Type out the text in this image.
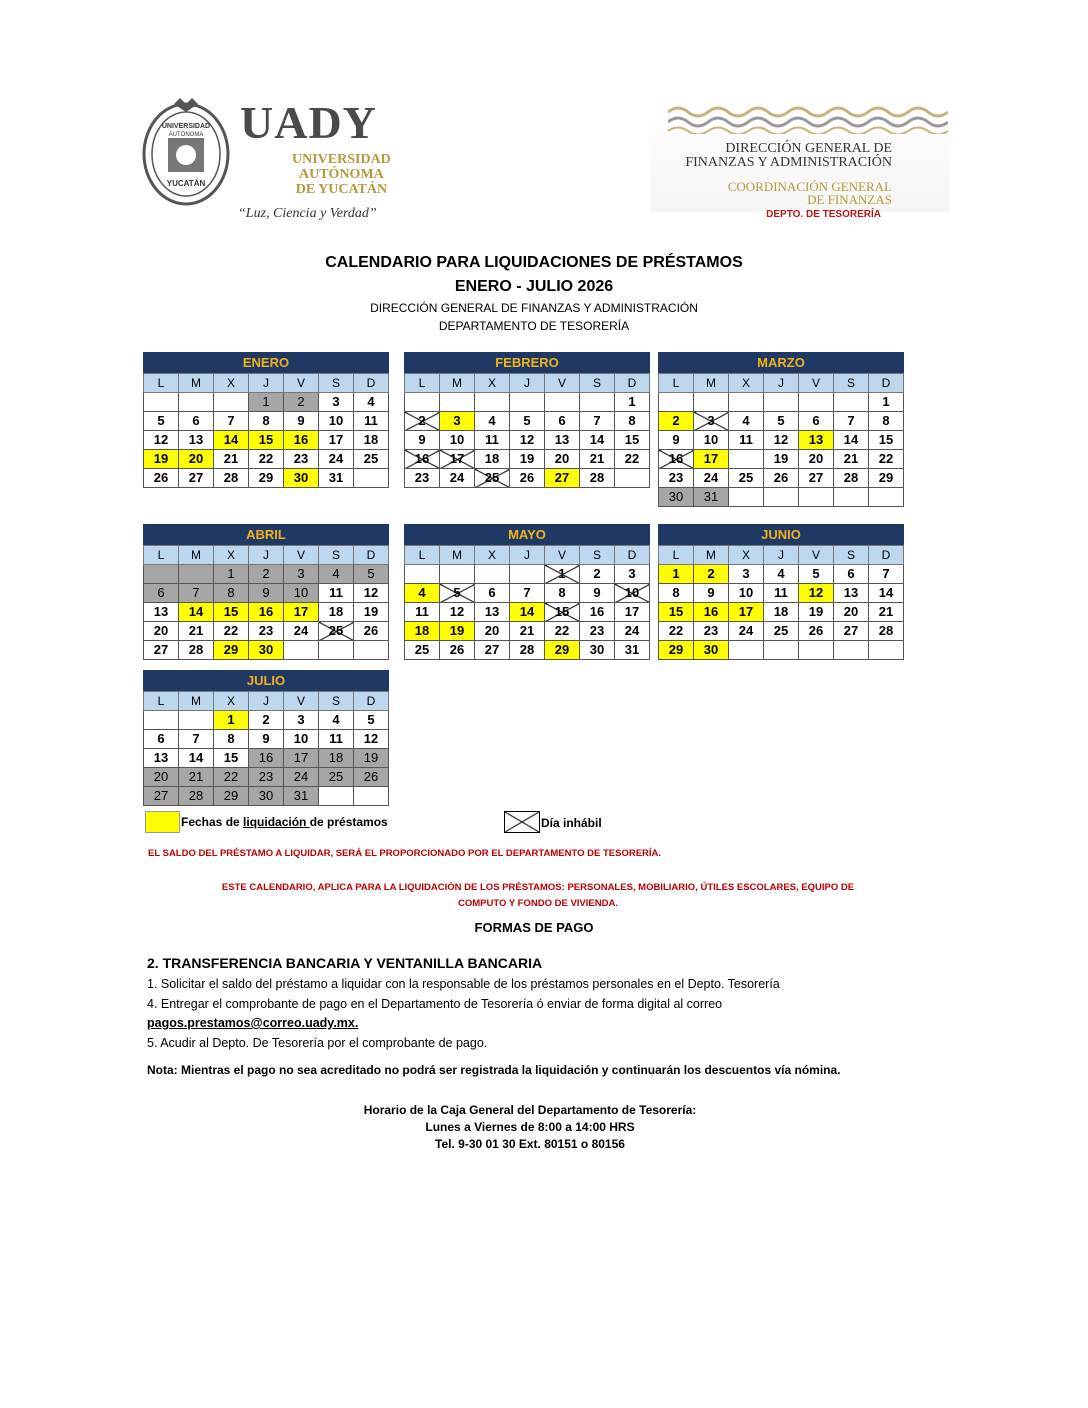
UNIVERSIDAD
AUTÓNOMA
YUCATÁN
UADY
UNIVERSIDAD
AUTÓNOMA
DE YUCATÁN
“Luz, Ciencia y Verdad”
DIRECCIÓN GENERAL DE
FINANZAS Y ADMINISTRACIÓN
COORDINACIÓN GENERAL
DE FINANZAS
DEPTO. DE TESORERÍA
CALENDARIO PARA LIQUIDACIONES DE PRÉSTAMOS
ENERO - JULIO 2026
DIRECCIÓN GENERAL DE FINANZAS Y ADMINISTRACIÓN
DEPARTAMENTO DE TESORERÍA
ENERO
L	M	X	J	V	S	D
			1	2	3	4
5	6	7	8	9	10	11
12	13	14	15	16	17	18
19	20	21	22	23	24	25
26	27	28	29	30	31	
FEBRERO
L	M	X	J	V	S	D
						1
2	3	4	5	6	7	8
9	10	11	12	13	14	15
16	17	18	19	20	21	22
23	24	25	26	27	28	
MARZO
L	M	X	J	V	S	D
						1
2	3	4	5	6	7	8
9	10	11	12	13	14	15
16	17		19	20	21	22
23	24	25	26	27	28	29
30	31					
ABRIL
L	M	X	J	V	S	D
		1	2	3	4	5
6	7	8	9	10	11	12
13	14	15	16	17	18	19
20	21	22	23	24	25	26
27	28	29	30			
MAYO
L	M	X	J	V	S	D
				1	2	3
4	5	6	7	8	9	10
11	12	13	14	15	16	17
18	19	20	21	22	23	24
25	26	27	28	29	30	31
JUNIO
L	M	X	J	V	S	D
1	2	3	4	5	6	7
8	9	10	11	12	13	14
15	16	17	18	19	20	21
22	23	24	25	26	27	28
29	30					
JULIO
L	M	X	J	V	S	D
		1	2	3	4	5
6	7	8	9	10	11	12
13	14	15	16	17	18	19
20	21	22	23	24	25	26
27	28	29	30	31		
Fechas de liquidación de préstamos	Día inhábil
EL SALDO DEL PRÉSTAMO A LIQUIDAR, SERÁ EL PROPORCIONADO POR EL DEPARTAMENTO DE TESORERÍA.
ESTE CALENDARIO, APLICA PARA LA LIQUIDACIÓN DE LOS PRÉSTAMOS: PERSONALES, MOBILIARIO, ÚTILES ESCOLARES, EQUIPO DE
COMPUTO Y FONDO DE VIVIENDA.
FORMAS DE PAGO
2. TRANSFERENCIA BANCARIA Y VENTANILLA BANCARIA
1. Solicitar el saldo del préstamo a liquidar con la responsable de los préstamos personales en el Depto. Tesorería
4. Entregar el comprobante de pago en el Departamento de Tesorería ó enviar de forma digital al correo
pagos.prestamos@correo.uady.mx.
5. Acudir al Depto. De Tesorería por el comprobante de pago.
Nota: Mientras el pago no sea acreditado no podrá ser registrada la liquidación y continuarán los descuentos vía nómina.
Horario de la Caja General del Departamento de Tesorería:
Lunes a Viernes de 8:00 a 14:00 HRS
Tel. 9-30 01 30 Ext. 80151 o 80156
